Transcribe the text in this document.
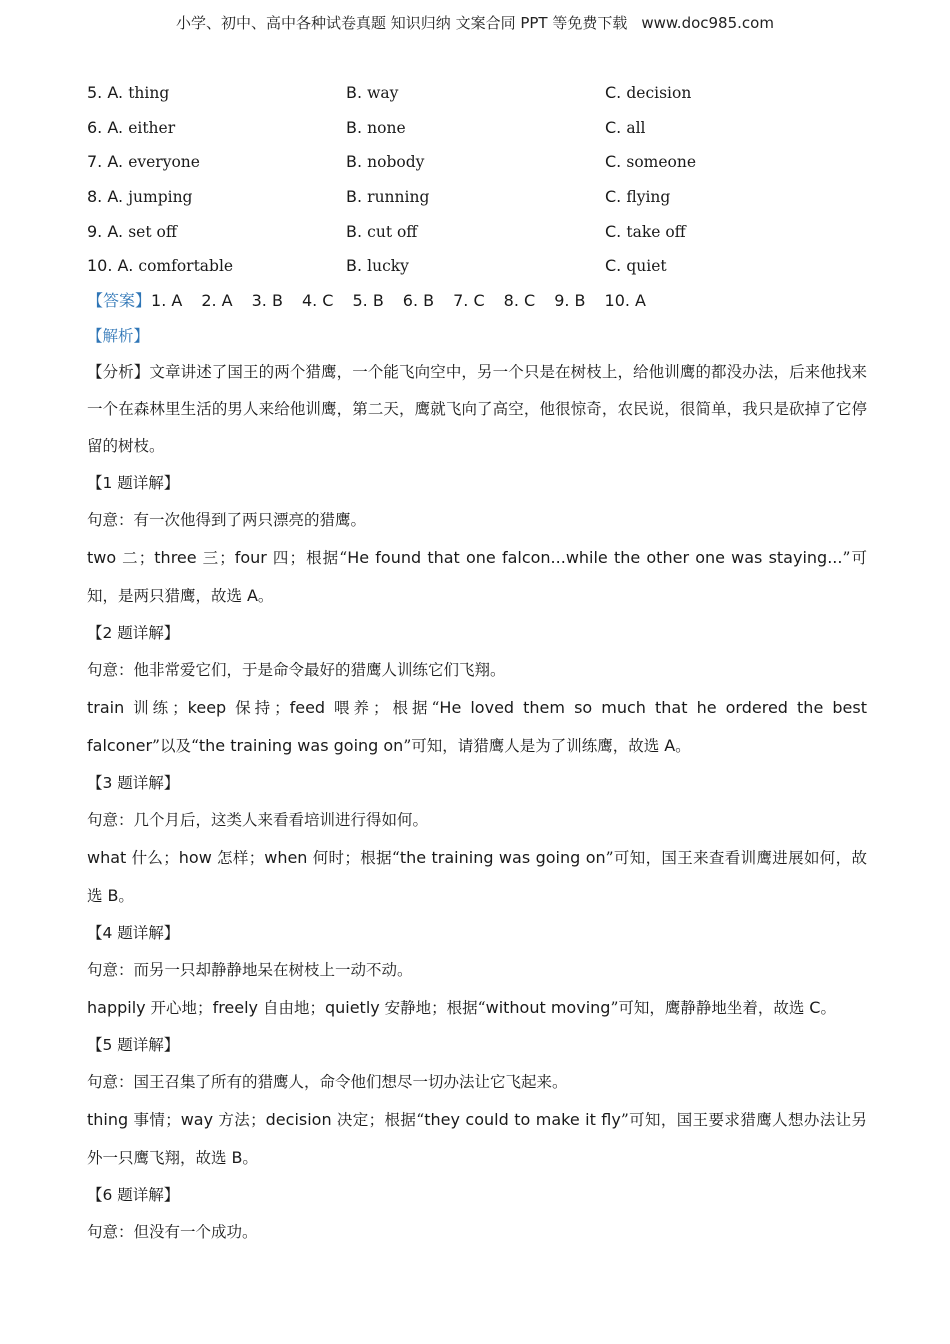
小学、初中、高中各种试卷真题 知识归纳 文案合同 PPT 等免费下载 www.doc985.com
5. A. thing	B. way	C. decision
6. A. either	B. none	C. all
7. A. everyone	B. nobody	C. someone
8. A. jumping	B. running	C. flying
9. A. set off	B. cut off	C. take off
10. A. comfortable	B. lucky	C. quiet
【答案】1. A 2. A 3. B 4. C 5. B 6. B 7. C 8. C 9. B 10. A
【解析】

【分析】文章讲述了国王的两个猎鹰，一个能飞向空中，另一个只是在树枝上，给他训鹰的都没办法，后来他找来一个在森林里生活的男人来给他训鹰，第二天，鹰就飞向了高空，他很惊奇，农民说，很简单，我只是砍掉了它停留的树枝。

【1 题详解】
句意：有一次他得到了两只漂亮的猎鹰。

two 二；three 三；four 四；根据“He found that one falcon...while the other one was staying...”可知，是两只猎鹰，故选 A。

【2 题详解】
句意：他非常爱它们，于是命令最好的猎鹰人训练它们飞翔。

train 训练；keep 保持；feed 喂养；根据“He loved them so much that he ordered the best falconer”以及“the training was going on”可知，请猎鹰人是为了训练鹰，故选 A。

【3 题详解】
句意：几个月后，这类人来看看培训进行得如何。

what 什么；how 怎样；when 何时；根据“the training was going on”可知，国王来查看训鹰进展如何，故选 B。

【4 题详解】
句意：而另一只却静静地呆在树枝上一动不动。

happily 开心地；freely 自由地；quietly 安静地；根据“without moving”可知，鹰静静地坐着，故选 C。

【5 题详解】
句意：国王召集了所有的猎鹰人，命令他们想尽一切办法让它飞起来。

thing 事情；way 方法；decision 决定；根据“they could to make it fly”可知，国王要求猎鹰人想办法让另外一只鹰飞翔，故选 B。

【6 题详解】
句意：但没有一个成功。
